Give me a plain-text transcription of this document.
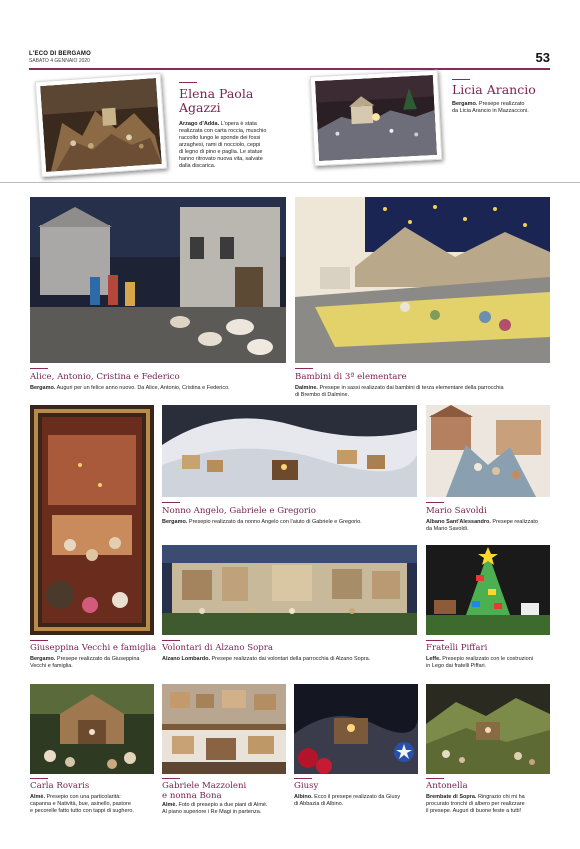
L'ECO DI BERGAMO
SABATO 4 GENNAIO 2020	53
Elena Paola
Agazzi
Arzago d'Adda. L'opera è stata
realizzata con carta roccia, muschio
raccolto lungo le sponde dei fossi
arzaghesi, rami di nocciolo, ceppi
di legno di pino e paglia. Le statue
hanno ritrovato nuova vita, salvate
dalla discarica.
Licia Arancio
Bergamo. Presepe realizzato
da Licia Arancio in Mazzacconi.
Alice, Antonio, Cristina e Federico
Bergamo. Auguri per un felice anno nuovo. Da Alice, Antonio, Cristina e Federico.
Bambini di 3ª elementare
Dalmine. Presepe in sassi realizzato dai bambini di terza elementare della parrocchia
di Brembo di Dalmine.
Nonno Angelo, Gabriele e Gregorio
Bergamo. Presepio realizzato da nonno Angelo con l'aiuto di Gabriele e Gregorio.
Mario Savoldi
Albano Sant'Alessandro. Presepe realizzato
da Mario Savoldi.
Giuseppina Vecchi e famiglia
Bergamo. Presepe realizzato da Giuseppina
Vecchi e famiglia.
Volontari di Alzano Sopra
Alzano Lombardo. Presepe realizzato dai volontari della parrocchia di Alzano Sopra.
Fratelli Piffari
Leffe. Presepio realizzato con le costruzioni
in Lego dai fratelli Piffari.
Carla Rovaris
Almè. Presepio con una particolarità:
capanna e Natività, bue, asinello, pastore
e pecorelle fatto tutto con tappi di sughero.
Gabriele Mazzoleni
e nonna Bona
Almè. Foto di presepio a due piani di Almè.
Al piano superiore i Re Magi in partenza.
Giusy
Albino. Ecco il presepe realizzato da Giusy
di Abbazia di Albino.
Antonella
Brembate di Sopra. Ringrazio chi mi ha
procurato tronchi di albero per realizzare
il presepe. Auguri di buone feste a tutti!
